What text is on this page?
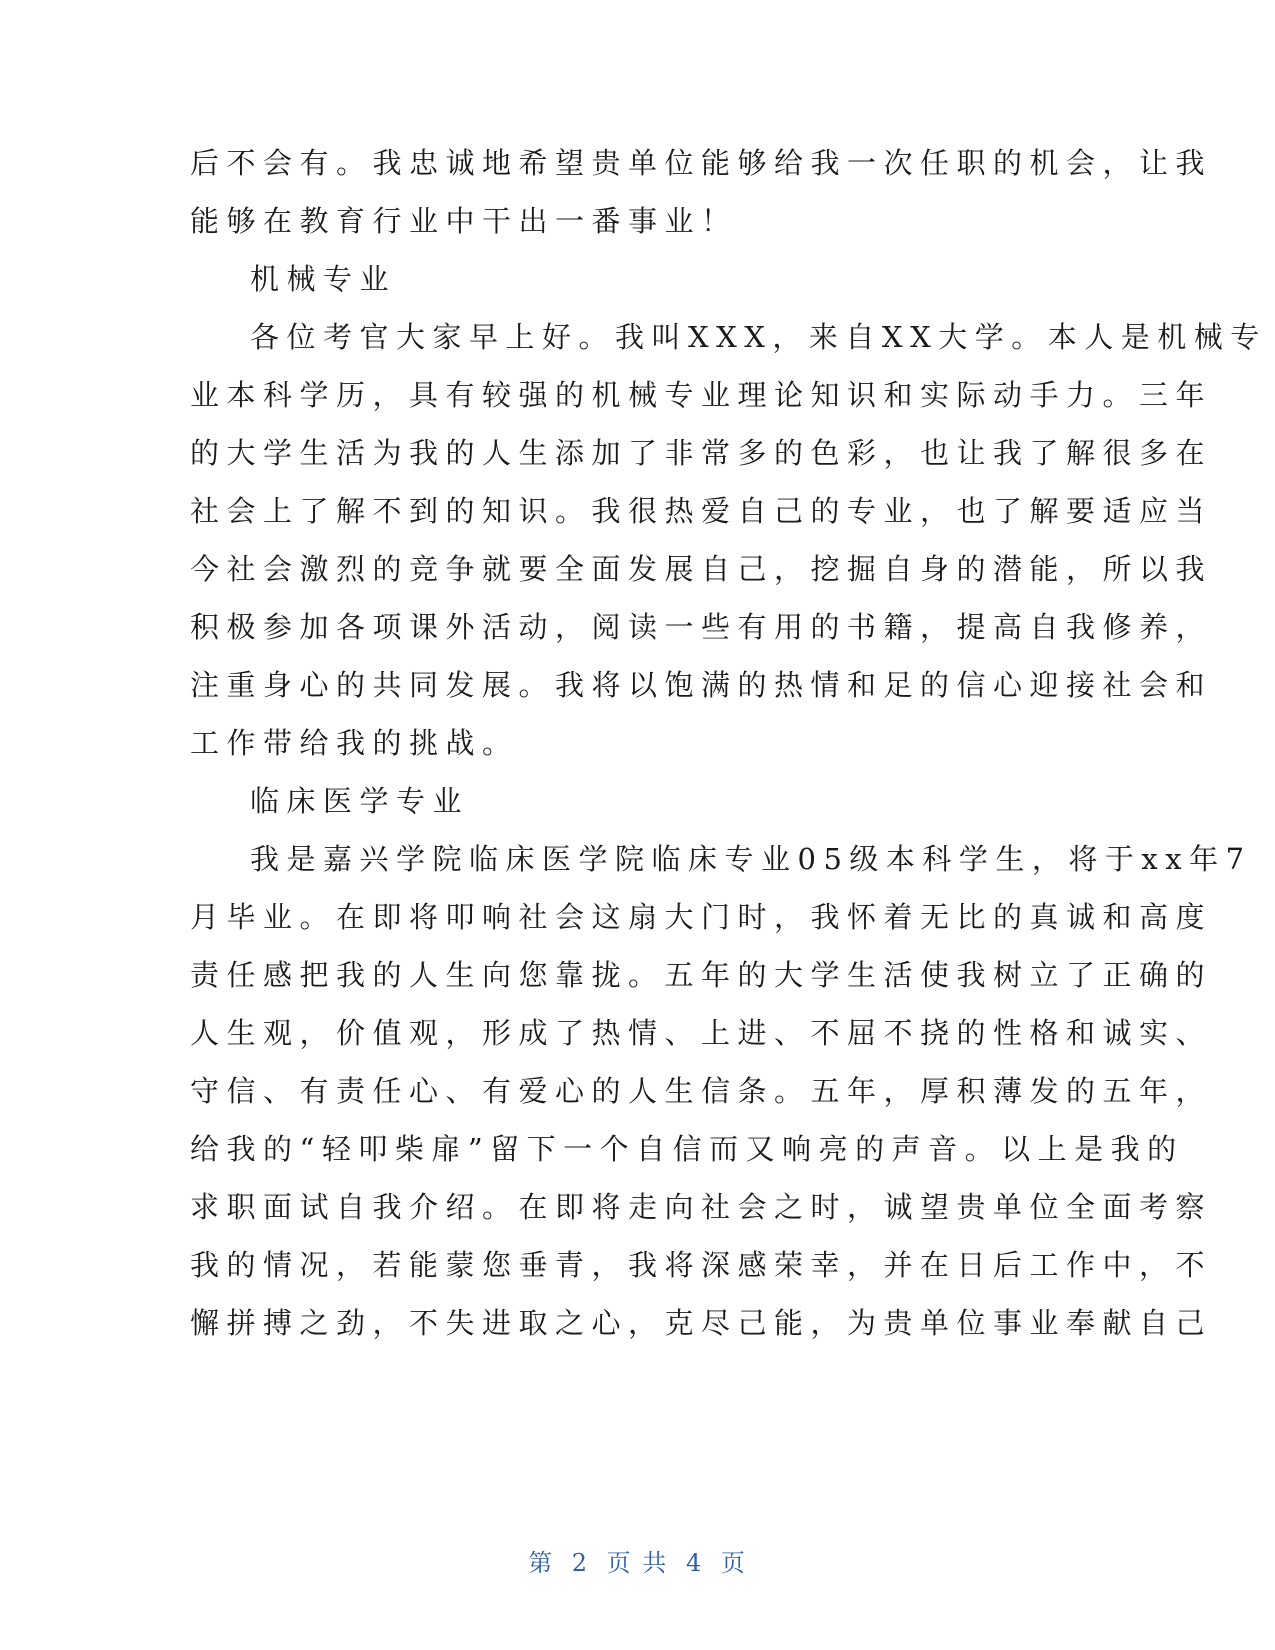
后不会有。我忠诚地希望贵单位能够给我一次任职的机会，让我
能够在教育行业中干出一番事业！
机械专业
各位考官大家早上好。我叫XXX，来自XX大学。本人是机械专
业本科学历，具有较强的机械专业理论知识和实际动手力。三年
的大学生活为我的人生添加了非常多的色彩，也让我了解很多在
社会上了解不到的知识。我很热爱自己的专业，也了解要适应当
今社会激烈的竞争就要全面发展自己，挖掘自身的潜能，所以我
积极参加各项课外活动，阅读一些有用的书籍，提高自我修养，
注重身心的共同发展。我将以饱满的热情和足的信心迎接社会和
工作带给我的挑战。
临床医学专业
我是嘉兴学院临床医学院临床专业05级本科学生，将于xx年7
月毕业。在即将叩响社会这扇大门时，我怀着无比的真诚和高度
责任感把我的人生向您靠拢。五年的大学生活使我树立了正确的
人生观，价值观，形成了热情、上进、不屈不挠的性格和诚实、
守信、有责任心、有爱心的人生信条。五年，厚积薄发的五年，
给我的“轻叩柴扉”留下一个自信而又响亮的声音。以上是我的
求职面试自我介绍。在即将走向社会之时，诚望贵单位全面考察
我的情况，若能蒙您垂青，我将深感荣幸，并在日后工作中，不
懈拼搏之劲，不失进取之心，克尽己能，为贵单位事业奉献自己
第 2 页 共 4 页
